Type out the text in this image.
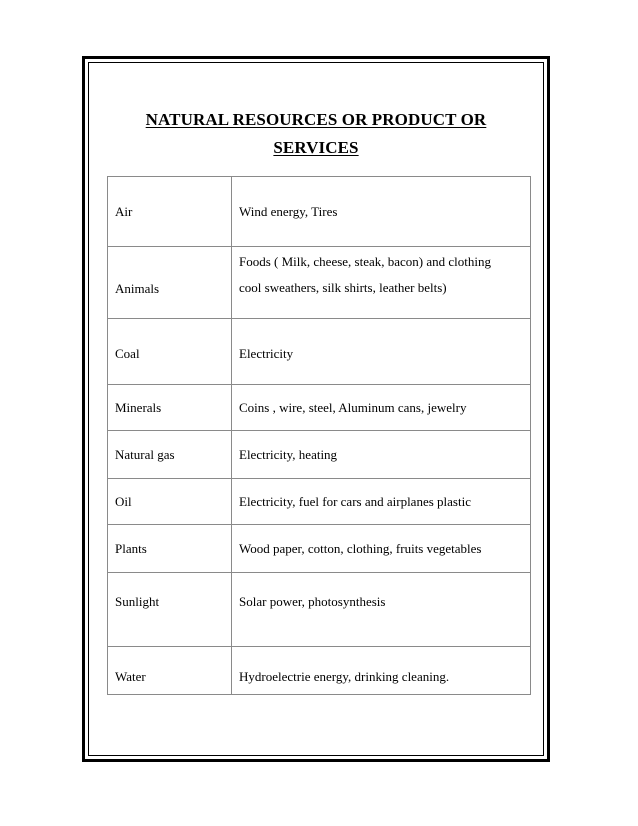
NATURAL RESOURCES OR PRODUCT OR
SERVICES
Air	Wind energy, Tires

Animals	Foods ( Milk, cheese, steak, bacon) and clothing
cool sweathers, silk shirts, leather belts)

Coal	Electricity

Minerals	Coins , wire, steel, Aluminum cans, jewelry

Natural gas	Electricity, heating

Oil	Electricity, fuel for cars and airplanes plastic

Plants	Wood paper, cotton, clothing, fruits vegetables

Sunlight	Solar power, photosynthesis

Water	Hydroelectrie energy, drinking cleaning.
